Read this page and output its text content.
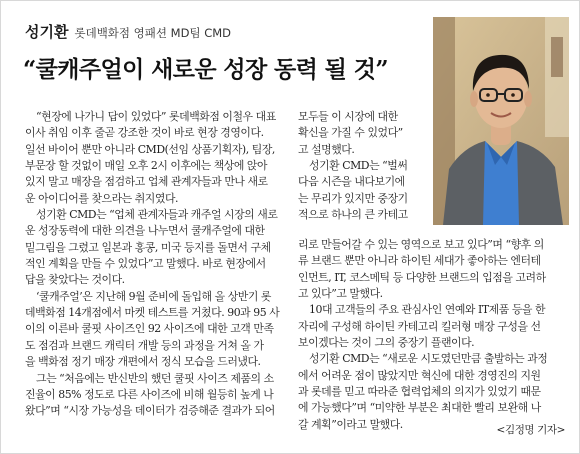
성기환 롯데백화점 영패션 MD팀 CMD
“쿨캐주얼이 새로운 성장 동력 될 것”

“현장에 나가니 답이 있었다” 롯데백화점 이철우 대표

이사 취임 이후 줄곧 강조한 것이 바로 현장 경영이다.

일선 바이어 뿐만 아니라 CMD(선임 상품기획자), 팀장,

부문장 할 것없이 매일 오후 2시 이후에는 책상에 앉아

있지 말고 매장을 점검하고 업체 관계자들과 만나 새로

운 아이디어를 찾으라는 취지였다.

성기환 CMD는 “업체 관계자들과 캐주얼 시장의 새로

운 성장동력에 대한 의견을 나누면서 쿨캐주얼에 대한

밑그림을 그렸고 일본과 홍콩, 미국 등지를 돌면서 구체

적인 계획을 만들 수 있었다”고 말했다. 바로 현장에서

답을 찾았다는 것이다.

‘쿨캐주얼’은 지난해 9월 준비에 돌입해 올 상반기 롯

데백화점 14개점에서 마켓 테스트를 거쳤다. 90과 95 사

이의 이른바 쿨핏 사이즈인 92 사이즈에 대한 고객 만족

도 점검과 브랜드 캐릭터 개발 등의 과정을 거쳐 올 가

을 백화점 정기 매장 개편에서 정식 모습을 드러냈다.

그는 “처음에는 반신반의 했던 쿨핏 사이즈 제품의 소

진율이 85% 정도로 다른 사이즈에 비해 월등히 높게 나

왔다”며 “시장 가능성을 데이터가 검증해준 결과가 되어

모두들 이 시장에 대한

확신을 가질 수 있었다”

고 설명했다.

성기환 CMD는 “벌써

다음 시즌을 내다보기에

는 무리가 있지만 중장기

적으로 하나의 큰 카테고

리로 만들어갈 수 있는 영역으로 보고 있다”며 “향후 의

류 브랜드 뿐만 아니라 하이틴 세대가 좋아하는 엔터테

인먼트, IT, 코스메틱 등 다양한 브랜드의 입점을 고려하

고 있다”고 말했다.

10대 고객들의 주요 관심사인 연예와 IT제품 등을 한

자리에 구성해 하이틴 카테고리 킬러형 매장 구성을 선

보이겠다는 것이 그의 중장기 플랜이다.

성기환 CMD는 “새로운 시도였던만큼 출발하는 과정

에서 어려운 점이 많았지만 혁신에 대한 경영진의 지원

과 롯데를 믿고 따라준 협력업체의 의지가 있었기 때문

에 가능했다”며 “미약한 부분은 최대한 빨리 보완해 나

갈 계획”이라고 말했다.	<김정명 기자>
